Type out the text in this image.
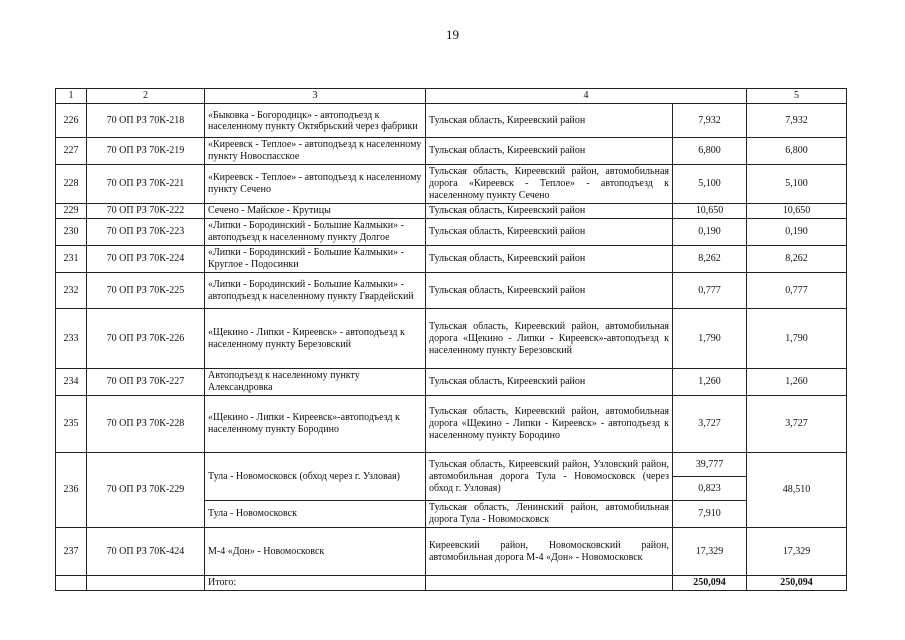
19
1	2	3	4		5
226	70 ОП РЗ 70К-218	«Быковка - Богородицк» - автоподъезд к населенному пункту Октябрьский через фабрики	Тульская область, Киреевский район	7,932	7,932
227	70 ОП РЗ 70К-219	«Киреевск - Теплое» - автоподъезд к населенному пункту Новоспасское	Тульская область, Киреевский район	6,800	6,800
228	70 ОП РЗ 70К-221	«Киреевск - Теплое» - автоподъезд к населенному пункту Сечено	Тульская область, Киреевский район, автомобильная дорога «Киреевск - Теплое» - автоподъезд к населенному пункту Сечено	5,100	5,100
229	70 ОП РЗ 70К-222	Сечено - Майское - Крутицы	Тульская область, Киреевский район	10,650	10,650
230	70 ОП РЗ 70К-223	«Липки - Бородинский - Большие Калмыки» - автоподъезд к населенному пункту Долгое	Тульская область, Киреевский район	0,190	0,190
231	70 ОП РЗ 70К-224	«Липки - Бородинский - Большие Калмыки» - Круглое - Подосинки	Тульская область, Киреевский район	8,262	8,262
232	70 ОП РЗ 70К-225	«Липки - Бородинский - Большие Калмыки» - автоподъезд к населенному пункту Гвардейский	Тульская область, Киреевский район	0,777	0,777
233	70 ОП РЗ 70К-226	«Щекино - Липки - Киреевск» - автоподъезд к населенному пункту Березовский	Тульская область, Киреевский район, автомобильная дорога «Щекино - Липки - Киреевск»-автоподъезд к населенному пункту Березовский	1,790	1,790
234	70 ОП РЗ 70К-227	Автоподъезд к населенному пункту Александровка	Тульская область, Киреевский район	1,260	1,260
235	70 ОП РЗ 70К-228	«Щекино - Липки - Киреевск»-автоподъезд к населенному пункту Бородино	Тульская область, Киреевский район, автомобильная дорога «Щекино - Липки - Киреевск» - автоподъезд к населенному пункту Бородино	3,727	3,727
236	70 ОП РЗ 70К-229	Тула - Новомосковск (обход через г. Узловая)	Тульская область, Киреевский район, Узловский район, автомобильная дорога Тула - Новомосковск (через обход г. Узловая)	39,777	48,510
				0,823	
		Тула - Новомосковск	Тульская область, Ленинский район, автомобильная дорога Тула - Новомосковск	7,910	
237	70 ОП РЗ 70К-424	М-4 «Дон» - Новомосковск	Киреевский район, Новомосковский район, автомобильная дорога М-4 «Дон» - Новомосковск	17,329	17,329
		Итого:		250,094	250,094
